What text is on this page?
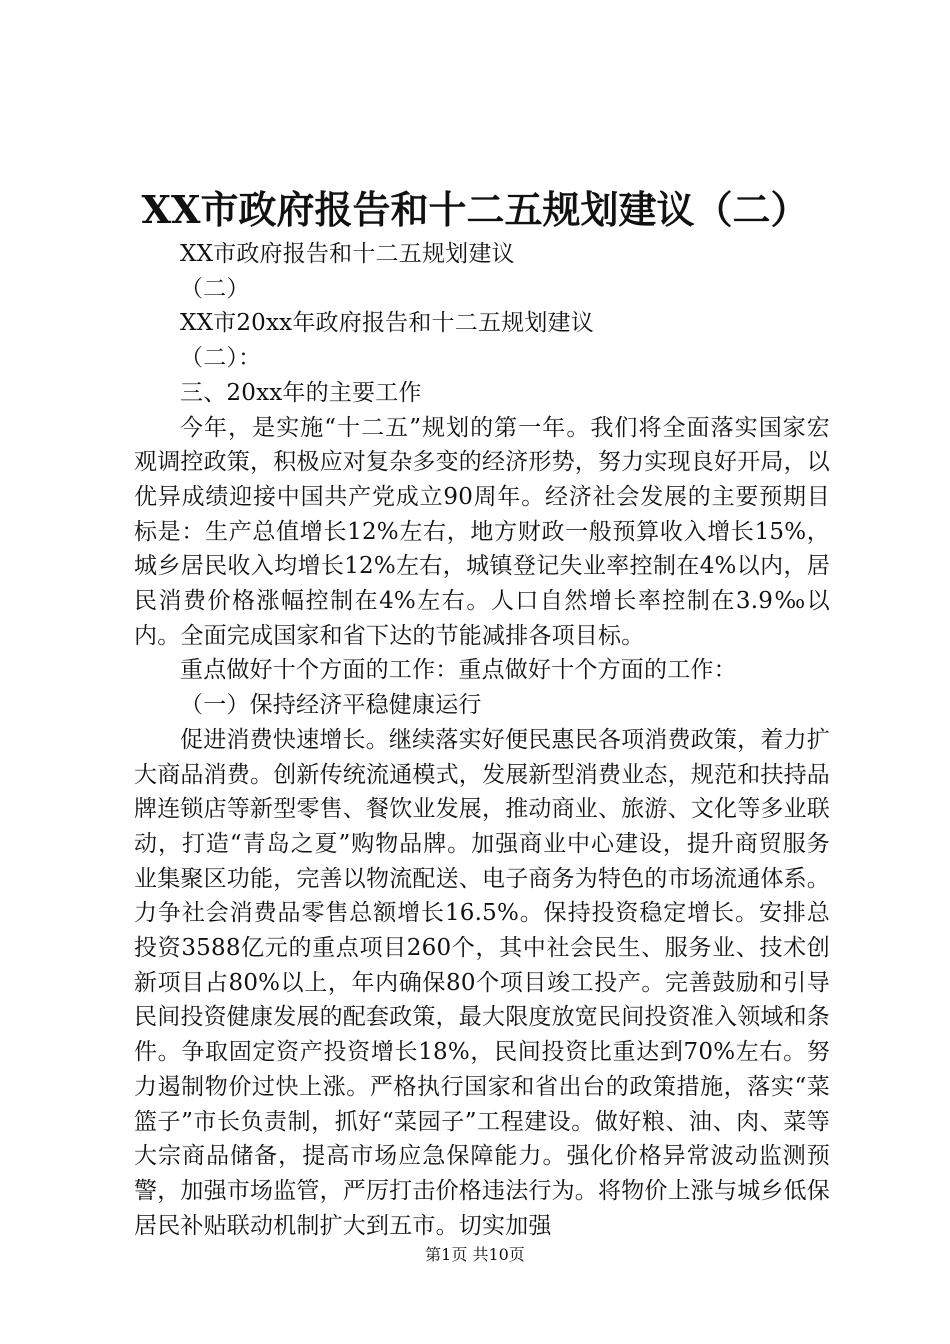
XX市政府报告和十二五规划建议（二）

XX市政府报告和十二五规划建议

（二）

XX市20xx年政府报告和十二五规划建议

（二）：

三、20xx年的主要工作

今年，是实施“十二五”规划的第一年。我们将全面落实国家宏观调控政策，积极应对复杂多变的经济形势，努力实现良好开局，以优异成绩迎接中国共产党成立90周年。经济社会发展的主要预期目标是：生产总值增长12%左右，地方财政一般预算收入增长15%，城乡居民收入均增长12%左右，城镇登记失业率控制在4%以内，居民消费价格涨幅控制在4%左右。人口自然增长率控制在3.9‰以内。全面完成国家和省下达的节能减排各项目标。

重点做好十个方面的工作：重点做好十个方面的工作：

（一）保持经济平稳健康运行

促进消费快速增长。继续落实好便民惠民各项消费政策，着力扩大商品消费。创新传统流通模式，发展新型消费业态，规范和扶持品牌连锁店等新型零售、餐饮业发展，推动商业、旅游、文化等多业联动，打造“青岛之夏”购物品牌。加强商业中心建设，提升商贸服务业集聚区功能，完善以物流配送、电子商务为特色的市场流通体系。力争社会消费品零售总额增长16.5%。保持投资稳定增长。安排总投资3588亿元的重点项目260个，其中社会民生、服务业、技术创新项目占80%以上，年内确保80个项目竣工投产。完善鼓励和引导民间投资健康发展的配套政策，最大限度放宽民间投资准入领域和条件。争取固定资产投资增长18%，民间投资比重达到70%左右。努力遏制物价过快上涨。严格执行国家和省出台的政策措施，落实“菜篮子”市长负责制，抓好“菜园子”工程建设。做好粮、油、肉、菜等大宗商品储备，提高市场应急保障能力。强化价格异常波动监测预警，加强市场监管，严厉打击价格违法行为。将物价上涨与城乡低保居民补贴联动机制扩大到五市。切实加强

第1页 共10页
